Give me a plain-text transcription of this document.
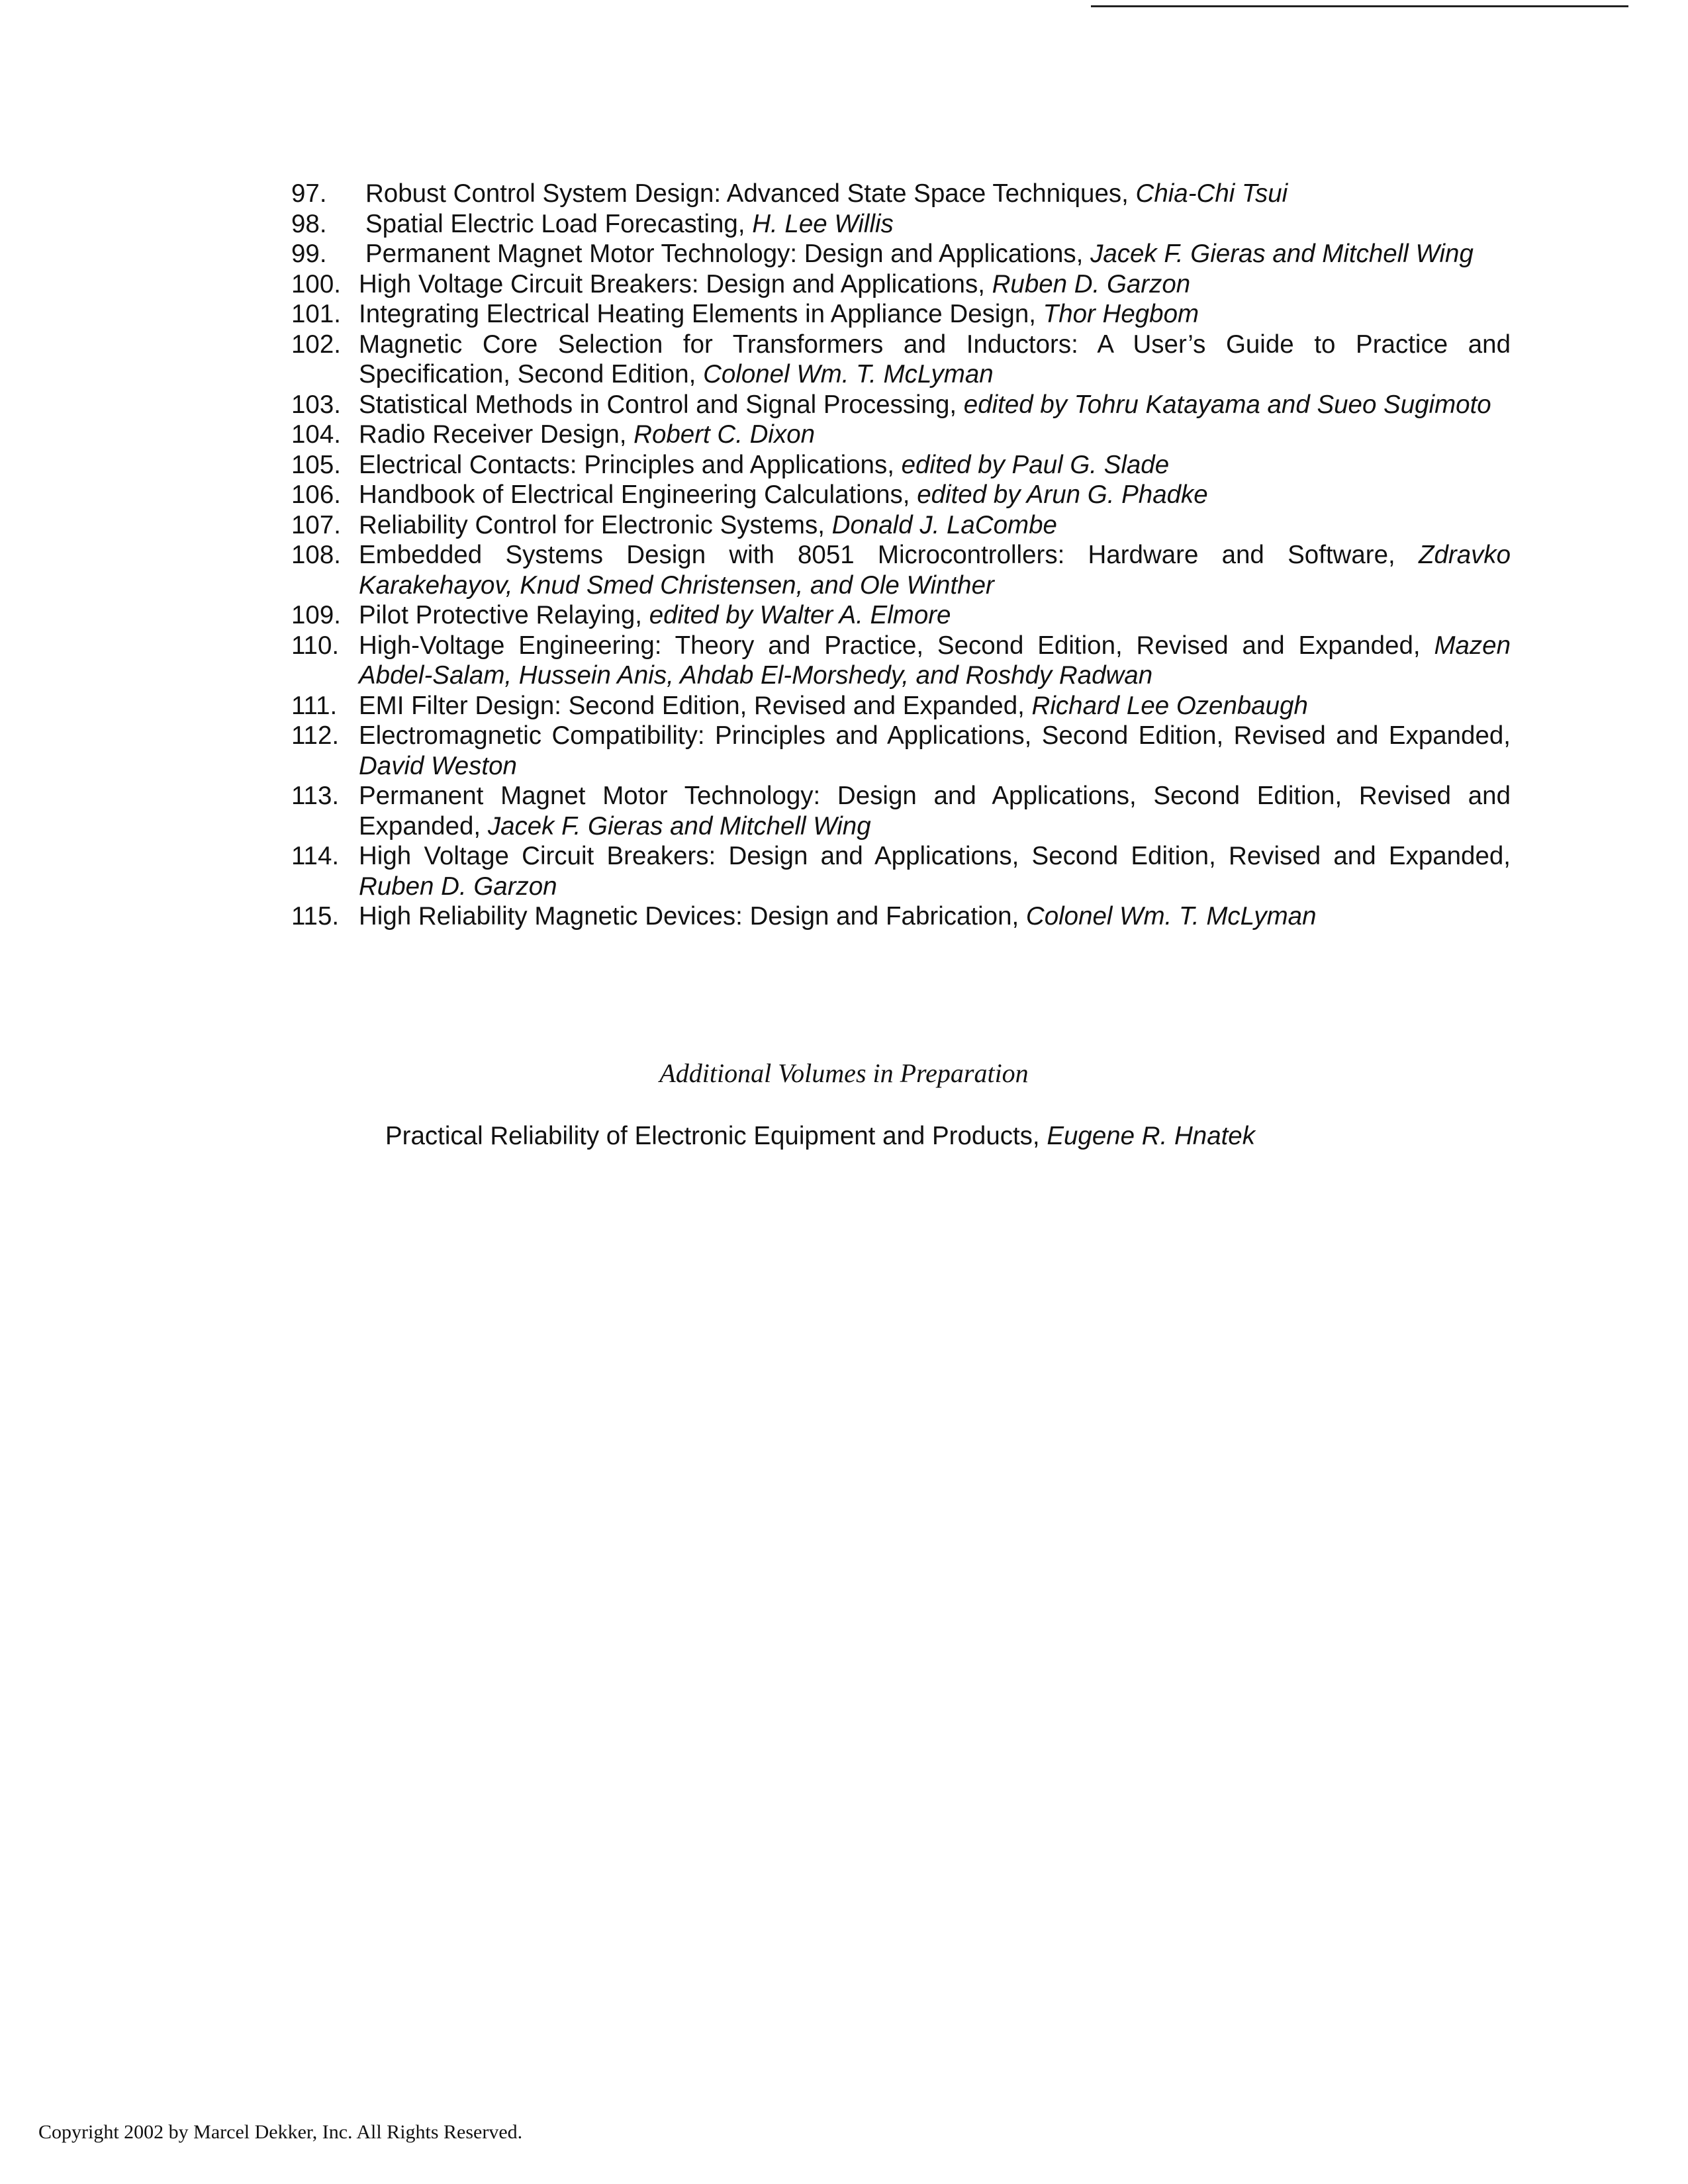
97. Robust Control System Design: Advanced State Space Techniques, Chia-Chi Tsui
98. Spatial Electric Load Forecasting, H. Lee Willis
99. Permanent Magnet Motor Technology: Design and Applications, Jacek F. Gieras and Mitchell Wing
100. High Voltage Circuit Breakers: Design and Applications, Ruben D. Garzon
101. Integrating Electrical Heating Elements in Appliance Design, Thor Hegbom
102. Magnetic Core Selection for Transformers and Inductors: A User’s Guide to Practice and Specification, Second Edition, Colonel Wm. T. McLyman
103. Statistical Methods in Control and Signal Processing, edited by Tohru Katayama and Sueo Sugimoto
104. Radio Receiver Design, Robert C. Dixon
105. Electrical Contacts: Principles and Applications, edited by Paul G. Slade
106. Handbook of Electrical Engineering Calculations, edited by Arun G. Phadke
107. Reliability Control for Electronic Systems, Donald J. LaCombe
108. Embedded Systems Design with 8051 Microcontrollers: Hardware and Software, Zdravko Karakehayov, Knud Smed Christensen, and Ole Winther
109. Pilot Protective Relaying, edited by Walter A. Elmore
110. High-Voltage Engineering: Theory and Practice, Second Edition, Revised and Expanded, Mazen Abdel-Salam, Hussein Anis, Ahdab El-Morshedy, and Roshdy Radwan
111. EMI Filter Design: Second Edition, Revised and Expanded, Richard Lee Ozenbaugh
112. Electromagnetic Compatibility: Principles and Applications, Second Edition, Revised and Expanded, David Weston
113. Permanent Magnet Motor Technology: Design and Applications, Second Edition, Revised and Expanded, Jacek F. Gieras and Mitchell Wing
114. High Voltage Circuit Breakers: Design and Applications, Second Edition, Revised and Expanded, Ruben D. Garzon
115. High Reliability Magnetic Devices: Design and Fabrication, Colonel Wm. T. McLyman
Additional Volumes in Preparation

Practical Reliability of Electronic Equipment and Products, Eugene R. Hnatek

Copyright 2002 by Marcel Dekker, Inc. All Rights Reserved.
